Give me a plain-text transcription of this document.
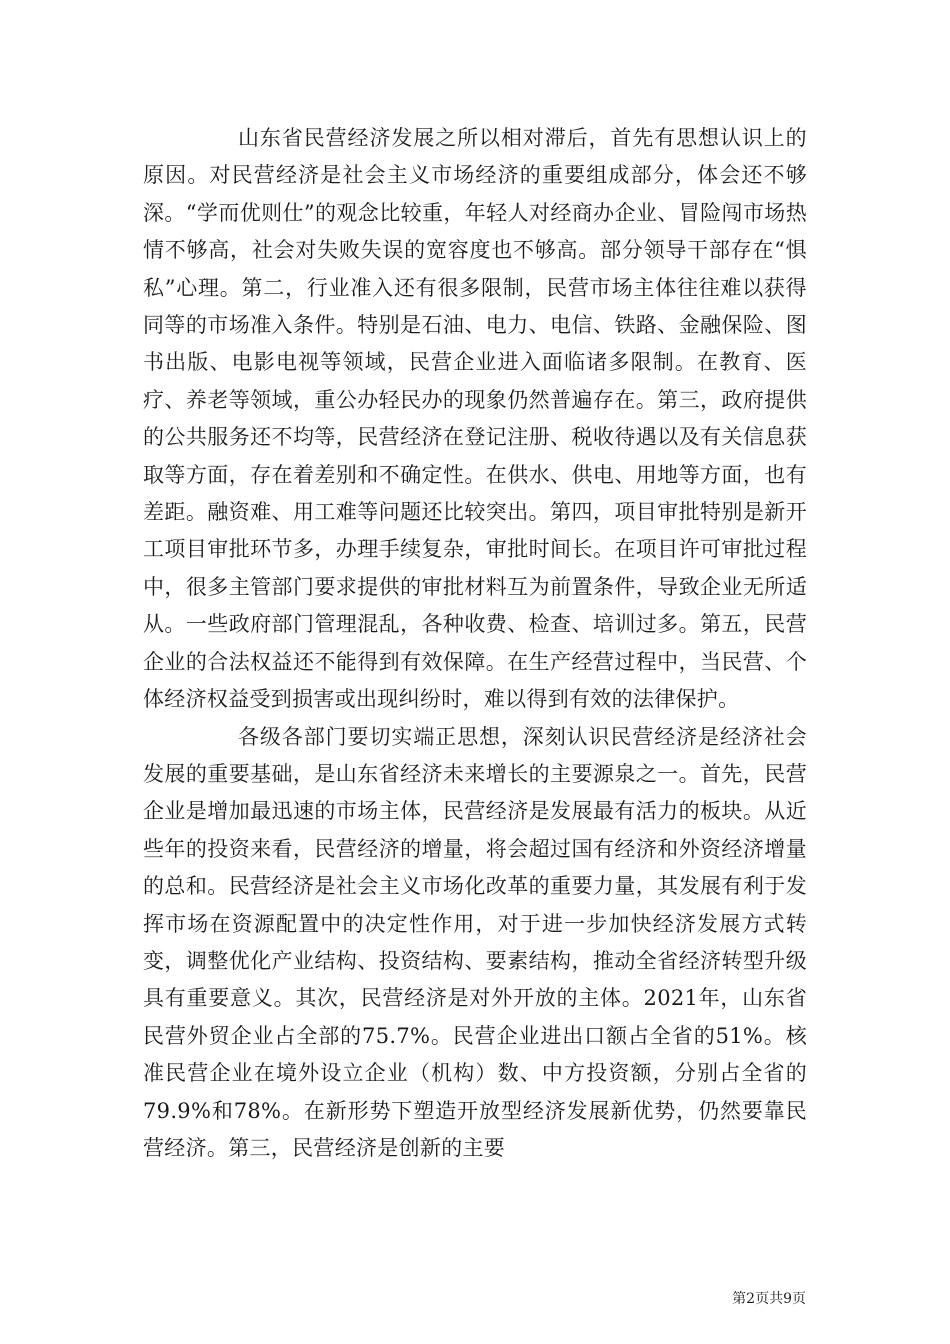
山东省民营经济发展之所以相对滞后，首先有思想认识上的原因。对民营经济是社会主义市场经济的重要组成部分，体会还不够深。“学而优则仕”的观念比较重，年轻人对经商办企业、冒险闯市场热情不够高，社会对失败失误的宽容度也不够高。部分领导干部存在“惧私”心理。第二，行业准入还有很多限制，民营市场主体往往难以获得同等的市场准入条件。特别是石油、电力、电信、铁路、金融保险、图书出版、电影电视等领域，民营企业进入面临诸多限制。在教育、医疗、养老等领域，重公办轻民办的现象仍然普遍存在。第三，政府提供的公共服务还不均等，民营经济在登记注册、税收待遇以及有关信息获取等方面，存在着差别和不确定性。在供水、供电、用地等方面，也有差距。融资难、用工难等问题还比较突出。第四，项目审批特别是新开工项目审批环节多，办理手续复杂，审批时间长。在项目许可审批过程中，很多主管部门要求提供的审批材料互为前置条件，导致企业无所适从。一些政府部门管理混乱，各种收费、检查、培训过多。第五，民营企业的合法权益还不能得到有效保障。在生产经营过程中，当民营、个体经济权益受到损害或出现纠纷时，难以得到有效的法律保护。

各级各部门要切实端正思想，深刻认识民营经济是经济社会发展的重要基础，是山东省经济未来增长的主要源泉之一。首先，民营企业是增加最迅速的市场主体，民营经济是发展最有活力的板块。从近些年的投资来看，民营经济的增量，将会超过国有经济和外资经济增量的总和。民营经济是社会主义市场化改革的重要力量，其发展有利于发挥市场在资源配置中的决定性作用，对于进一步加快经济发展方式转变，调整优化产业结构、投资结构、要素结构，推动全省经济转型升级具有重要意义。其次，民营经济是对外开放的主体。2021年，山东省民营外贸企业占全部的75.7%。民营企业进出口额占全省的51%。核准民营企业在境外设立企业（机构）数、中方投资额，分别占全省的79.9%和78%。在新形势下塑造开放型经济发展新优势，仍然要靠民营经济。第三，民营经济是创新的主要

第2页共9页
